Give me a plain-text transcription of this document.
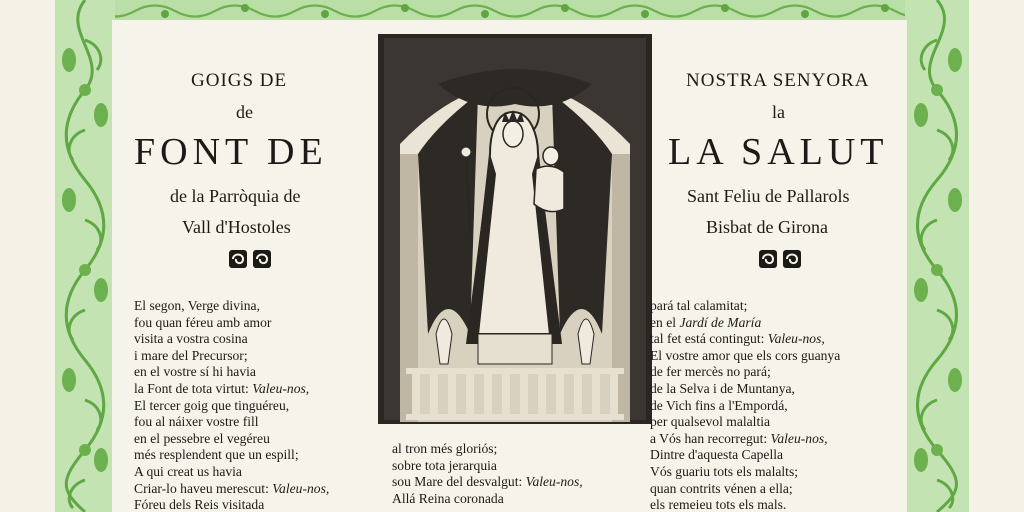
GOIGS DE
de
FONT DE
de la Parròquia de
Vall d'Hostoles
NOSTRA SENYORA
la
LA SALUT
Sant Feliu de Pallarols
Bisbat de Girona
El segon, Verge divina,
fou quan féreu amb amor
visita a vostra cosina
i mare del Precursor;
en el vostre sí hi havia
la Font de tota virtut: Valeu-nos,
El tercer goig que tinguéreu,
fou al náixer vostre fill
en el pessebre el vegéreu
més resplendent que un espill;
A qui creat us havia
Criar-lo haveu merescut: Valeu-nos,
Fóreu dels Reis visitada
al tron més gloriós;
sobre tota jerarquia
sou Mare del desvalgut: Valeu-nos,
Allá Reina coronada
pará tal calamitat;
en el Jardí de María
tal fet está contingut: Valeu-nos,
El vostre amor que els cors guanya
de fer mercès no pará;
de la Selva i de Muntanya,
de Vich fins a l'Empordá,
per qualsevol malaltia
a Vós han recorregut: Valeu-nos,
Dintre d'aquesta Capella
Vós guariu tots els malalts;
quan contrits vénen a ella;
els remeieu tots els mals.
